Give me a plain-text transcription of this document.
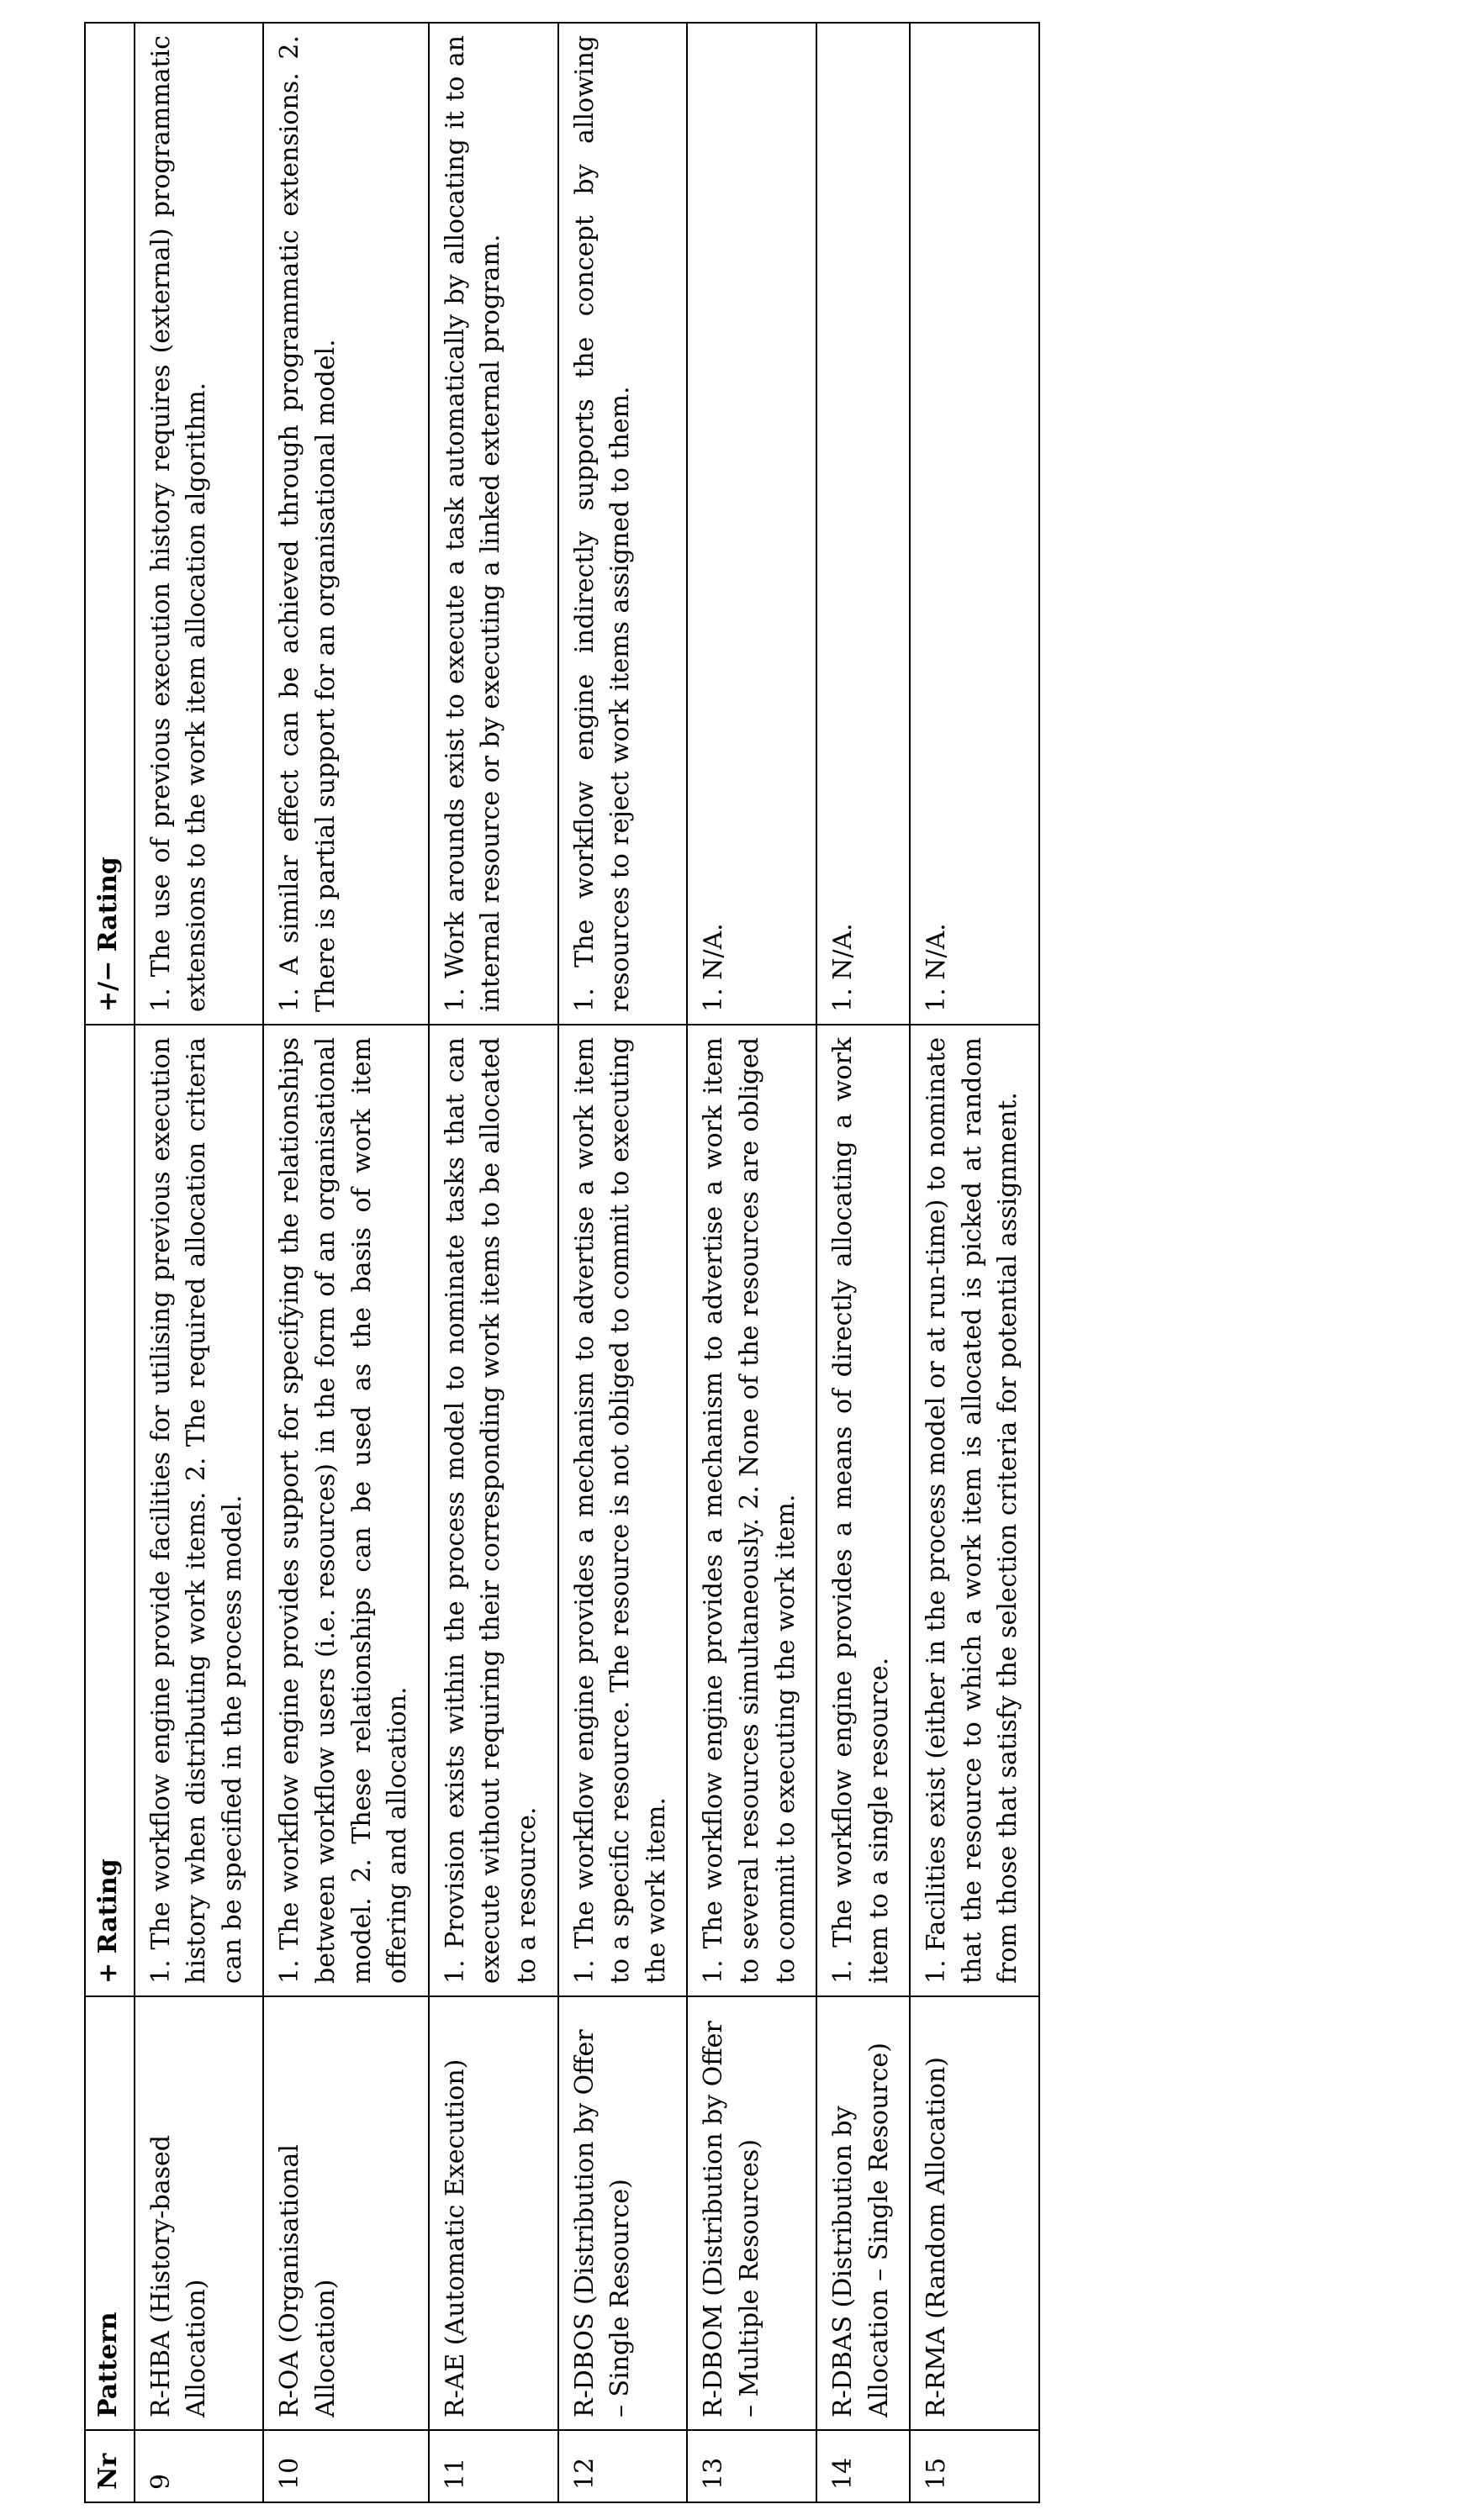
Nr	Pattern	+ Rating	+/− Rating
9	R-HBA (History-based Allocation)	1. The workflow engine provide facilities for utilising previous execution history when distributing work items. 2. The required allocation criteria can be specified in the process model.	1. The use of previous execution history requires (external) programmatic extensions to the work item allocation algorithm.
10	R-OA (Organisational Allocation)	1. The workflow engine provides support for specifying the relationships between workflow users (i.e. resources) in the form of an organisational model. 2. These relationships can be used as the basis of work item offering and allocation.	1. A similar effect can be achieved through programmatic extensions. 2. There is partial support for an organisational model.
11	R-AE (Automatic Execution)	1. Provision exists within the process model to nominate tasks that can execute without requiring their corresponding work items to be allocated to a resource.	1. Work arounds exist to execute a task automatically by allocating it to an internal resource or by executing a linked external program.
12	R-DBOS (Distribution by Offer – Single Resource)	1. The workflow engine provides a mechanism to advertise a work item to a specific resource. The resource is not obliged to commit to executing the work item.	1. The workflow engine indirectly supports the concept by allowing resources to reject work items assigned to them.
13	R-DBOM (Distribution by Offer – Multiple Resources)	1. The workflow engine provides a mechanism to advertise a work item to several resources simultaneously. 2. None of the resources are obliged to commit to executing the work item.	1. N/A.
14	R-DBAS (Distribution by Allocation – Single Resource)	1. The workflow engine provides a means of directly allocating a work item to a single resource.	1. N/A.
15	R-RMA (Random Allocation)	1. Facilities exist (either in the process model or at run-time) to nominate that the resource to which a work item is allocated is picked at random from those that satisfy the selection criteria for potential assignment.	1. N/A.
